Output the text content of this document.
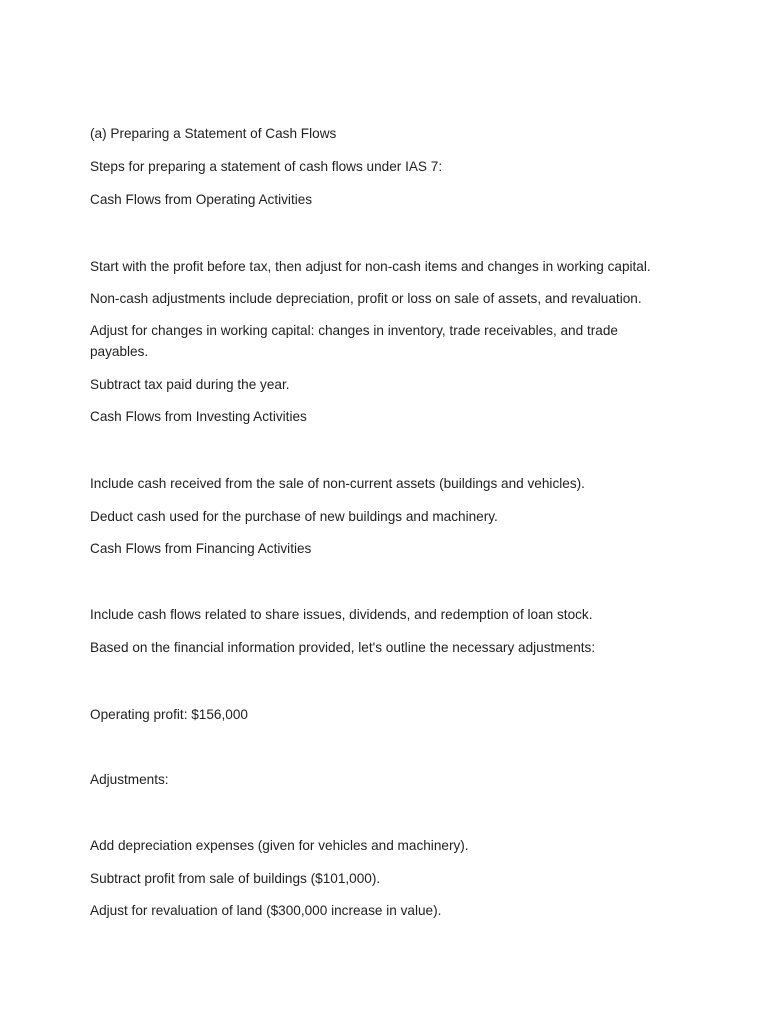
(a) Preparing a Statement of Cash Flows

Steps for preparing a statement of cash flows under IAS 7:

Cash Flows from Operating Activities

Start with the profit before tax, then adjust for non-cash items and changes in working capital.

Non-cash adjustments include depreciation, profit or loss on sale of assets, and revaluation.

Adjust for changes in working capital: changes in inventory, trade receivables, and trade payables.

Subtract tax paid during the year.

Cash Flows from Investing Activities

Include cash received from the sale of non-current assets (buildings and vehicles).

Deduct cash used for the purchase of new buildings and machinery.

Cash Flows from Financing Activities

Include cash flows related to share issues, dividends, and redemption of loan stock.

Based on the financial information provided, let's outline the necessary adjustments:

Operating profit: $156,000

Adjustments:

Add depreciation expenses (given for vehicles and machinery).

Subtract profit from sale of buildings ($101,000).

Adjust for revaluation of land ($300,000 increase in value).
